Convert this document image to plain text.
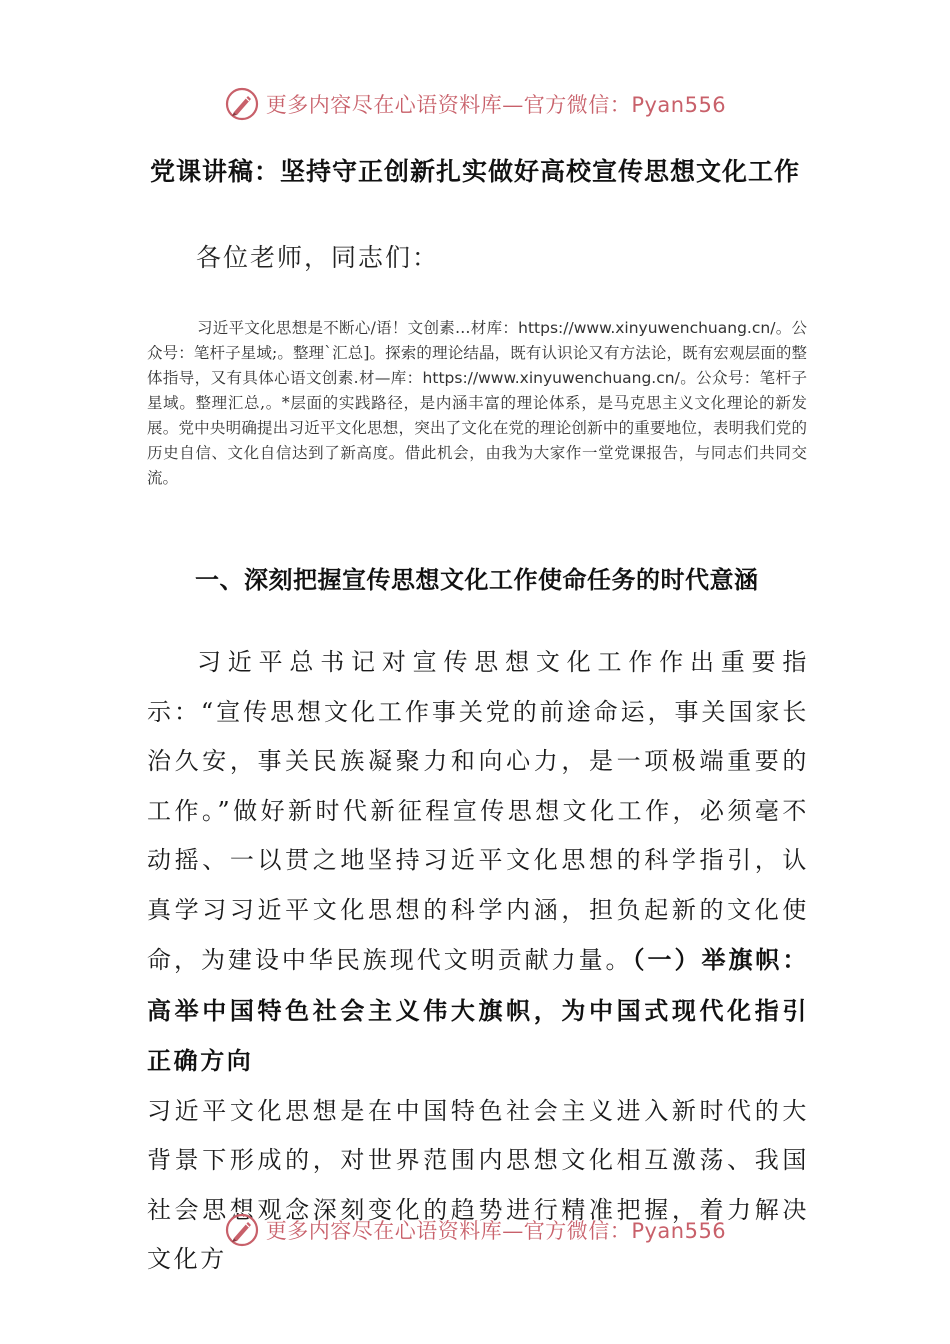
更多内容尽在心语资料库—官方微信：Pyan556
党课讲稿：坚持守正创新扎实做好高校宣传思想文化工作
各位老师，同志们：
习近平文化思想是不断心/语！文创素…材库：https://www.xinyuwenchuang.cn/。公众号：笔杆子星域;。整理`汇总]。探索的理论结晶，既有认识论又有方法论，既有宏观层面的整体指导，又有具体心语文创素.材—库：https://www.xinyuwenchuang.cn/。公众号：笔杆子星域。整理汇总,。*层面的实践路径，是内涵丰富的理论体系，是马克思主义文化理论的新发展。党中央明确提出习近平文化思想，突出了文化在党的理论创新中的重要地位，表明我们党的历史自信、文化自信达到了新高度。借此机会，由我为大家作一堂党课报告，与同志们共同交流。
一、深刻把握宣传思想文化工作使命任务的时代意涵

习近平总书记对宣传思想文化工作作出重要指示：“宣传思想文化工作事关党的前途命运，事关国家长治久安，事关民族凝聚力和向心力，是一项极端重要的工作。”做好新时代新征程宣传思想文化工作，必须毫不动摇、一以贯之地坚持习近平文化思想的科学指引，认真学习习近平文化思想的科学内涵，担负起新的文化使命，为建设中华民族现代文明贡献力量。（一）举旗帜：高举中国特色社会主义伟大旗帜，为中国式现代化指引正确方向

习近平文化思想是在中国特色社会主义进入新时代的大背景下形成的，对世界范围内思想文化相互激荡、我国社会思想观念深刻变化的趋势进行精准把握，着力解决文化方

更多内容尽在心语资料库—官方微信：Pyan556
